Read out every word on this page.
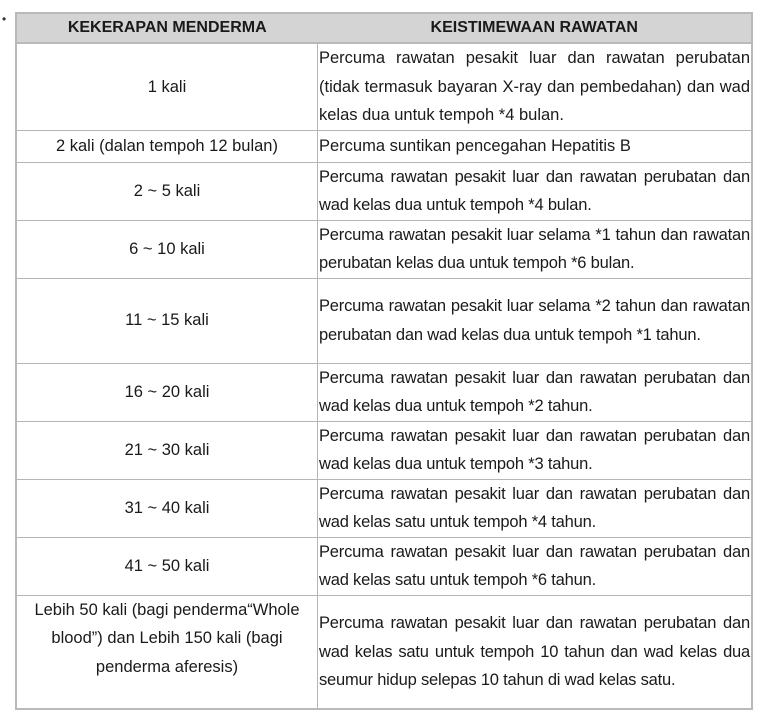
•	KEKERAPAN MENDERMA	KEISTIMEWAAN RAWATAN
1 kali	Percuma rawatan pesakit luar dan rawatan perubatan (tidak termasuk bayaran X-ray dan pembedahan) dan wad kelas dua untuk tempoh *4 bulan.
2 kali (dalan tempoh 12 bulan)	Percuma suntikan pencegahan Hepatitis B
2 ~ 5 kali	Percuma rawatan pesakit luar dan rawatan perubatan dan wad kelas dua untuk tempoh *4 bulan.
6 ~ 10 kali	Percuma rawatan pesakit luar selama *1 tahun dan rawatan perubatan kelas dua untuk tempoh *6 bulan.
11 ~ 15 kali	Percuma rawatan pesakit luar selama *2 tahun dan rawatan perubatan dan wad kelas dua untuk tempoh *1 tahun.
16 ~ 20 kali	Percuma rawatan pesakit luar dan rawatan perubatan dan wad kelas dua untuk tempoh *2 tahun.
21 ~ 30 kali	Percuma rawatan pesakit luar dan rawatan perubatan dan wad kelas dua untuk tempoh *3 tahun.
31 ~ 40 kali	Percuma rawatan pesakit luar dan rawatan perubatan dan wad kelas satu untuk tempoh *4 tahun.
41 ~ 50 kali	Percuma rawatan pesakit luar dan rawatan perubatan dan wad kelas satu untuk tempoh *6 tahun.
Lebih 50 kali (bagi penderma“Whole blood”) dan Lebih 150 kali (bagi penderma aferesis)	Percuma rawatan pesakit luar dan rawatan perubatan dan wad kelas satu untuk tempoh 10 tahun dan wad kelas dua seumur hidup selepas 10 tahun di wad kelas satu.
